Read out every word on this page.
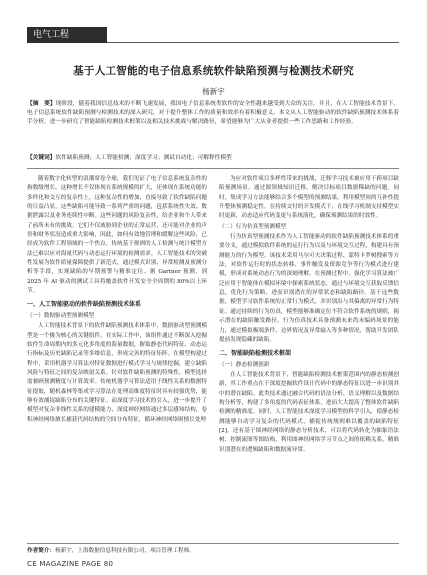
电气工程
基于人工智能的电子信息系统软件缺陷预测与检测技术研究
杨新宇
【摘　要】现阶段，随着我国信息技术的不断飞速发展，我国电子信息系统类软件的安全性越来越受到大众的关注。并且，在人工智能技术背景下，电子信息系统软件缺陷预测与检测技术的深入研究，对于提升整体工作的质量和效率有着积极意义。本文从人工智能驱动的软件缺陷预测技术体系着手分析，进一步研究了智能缺陷检测技术框架以及相关技术挑战与解决路径，希望能够为广大从业者提供一些工作思路和工作经验。
【关键词】软件缺陷预测；人工智能检测；深度学习；测试自动化；可解释性模型

随着数字化转型的浪潮席卷全球，我们见证了电子信息系统复杂性的指数级增长，这种增长不仅体现在系统规模的扩大，还体现在系统功能的多样化和交互的复杂性上。这种复杂性的增加，直接导致了软件缺陷问题的日益凸显，这些缺陷可能导致一系列严重的问题，包括系统性失效、数据泄露以及业务连续性中断。这些问题的风险复杂性，给企业和个人带来了前所未有的挑战。它们不仅威胁到企业的正常运营，还可能对企业的声誉和财务状况造成重大影响，因此，如何有效地管理和缓解这些风险，已经成为软件工程领域的一个焦点。传统基于规则的人工检测与统计模型方法已难以应对海量代码与动态运行环境的检测需求。人工智能技术的突破性发展为软件质量保障提供了新范式，通过模式识别、异常检测及预测分析等手段，实现缺陷的早期预警与精准定位。据 Gartner 预测，到 2025 年 AI 驱动的测试工具将覆盖软件开发安全全周期的 80%以上环节。

一、人工智能驱动的软件缺陷预测技术体系

（一）数据驱动型预测模型

人工智能技术背景下的软件缺陷预测技术体系中，数据驱动型预测模型是一个极为核心的关键组件。在实际工作中，该组件通过不断深入挖掘软件生命周期内的多元化多角度的海量数据，摒取静态代码特征、动态运行指标及历史缺陷记录等多维信息，形成完善的特征矩阵。在模型构建过程中，采用机器学习算法对特征数据进行模式学习与规律挖掘，建立缺陷风险与特征之间的复杂映射关系。针对软件缺陷预测的特殊性，模型选择需兼顾预测精度与计算效率。传统机器学习算法适用于线性关系的数据特征提取，随机森林等集成学习算法在处理高维度特征时具有较强优势，能够有效捕捉缺陷分布的关键特征。而深度学习技术的引入，进一步提升了模型对复杂非线性关系的建模能力，深度神经网络通过多层感知结构，卷积神经网络擅长捕获代码结构的空间分布特征，循环神经网络则擅长处理

为应对软件项目多样性带来的挑战，迁移学习技术被应用于跨项目缺陷预测场景，通过源领域知识迁移，解决目标项目数据稀缺的问题。同时，集成学习方法能够结合多个模型的预测结果，利用模型间的互补性提升整体预测稳定性。在持续交付的开发模式下，在线学习机制支持模型实时更新，动态适应代码变更与系统演化，确保预测结果的时效性。

（二）行为仿真型预测模型

行为仿真型预测技术作为人工智能驱动的软件缺陷预测技术体系的重要分支，通过模拟软件系统的运行行为以及与环境交互过程，构建具有预测能力的行为模型。该技术采用马尔可夫决策过程、蒙特卡罗树搜索等方法，对软件运行时的状态转移、事件触发及资源竞争等行为模式进行建模，形成对系统动态行为的深刻理解。在预测过程中，强化学习算法被广泛应用于智能体在模拟环境中探索系统状态，通过与环境交互获取反馈信息，优化行为策略，进而识别潜在的异常状态和缺陷路径。基于这些数据，模型学习软件系统的正常行为模式，并识别出与其偏离的异常行为特征。通过持续的行为仿真，模型能够准确定位不符合软件系统的规则，揭示潜在的缺陷触发路径。行为仿真技术具备预测未来尚未编码场景的能力，通过模拟极端条件、边界情况及异常输入等多种情况，帮助开发团队提前发现隐藏的缺陷。

二、智能缺陷检测技术框架

（一）静态检测创新

在人工智能技术背景下，智能缺陷检测技术框架范围内的静态检测创新，其工作重点在于深度挖掘软件设计代码中的静态特征以进一步识别其中的潜在缺陷。此类技术通过融合代码的语法分析、语义理解以及数据结构分析等，构建了多角度的代码表征体系，进而大大提高了整体软件缺陷检测的精准度。同时，人工智能技术深度学习模型的科学引入，使静态检测能够自动学习复杂的代码模式，捕捉传统规则难以覆盖的缺陷特征[2]。还有基于图神经网络的静态分析技术，可以将代码转化为抽象语法树、控制流图等图结构，利用图神经网络学习节点之间的依赖关系，精准识别潜在的逻辑缺陷和数据流异常。

作者简介：杨新宇，上海数据信息科技有限公司，项目管理工程师。
CE MAGAZINE PAGE 80
